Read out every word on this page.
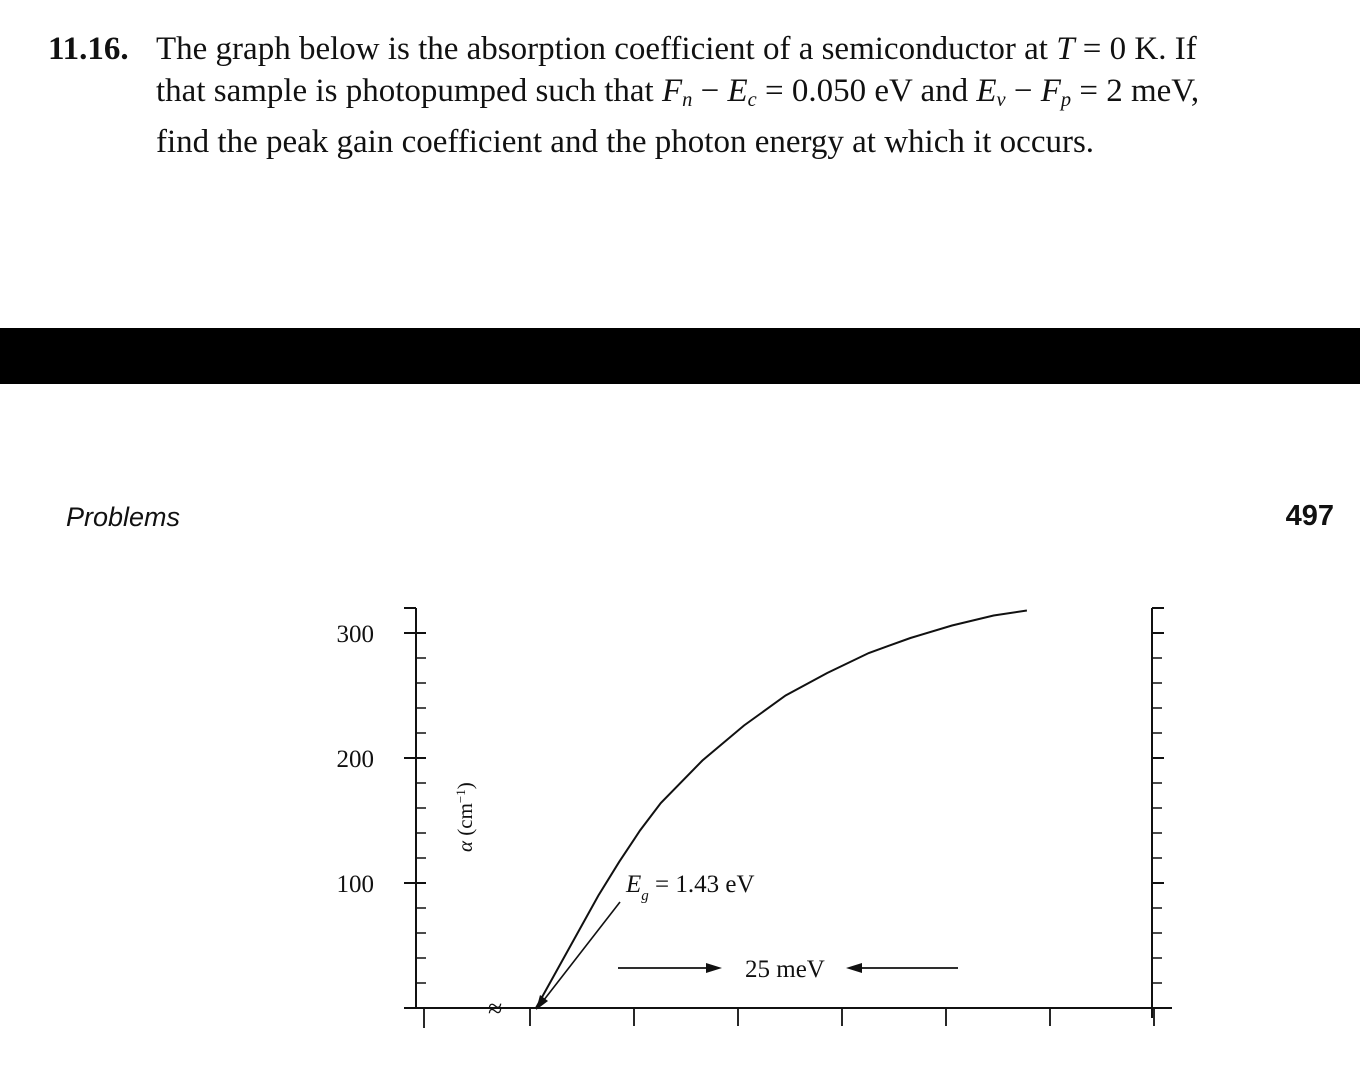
11.16. The graph below is the absorption coefficient of a semiconductor at T = 0 K. If
that sample is photopumped such that $F_n - E_c = 0.050$ eV and $E_v - F_p = 2$ meV,
find the peak gain coefficient and the photon energy at which it occurs.
Problems	497
100
200
300
α $(cm^{-1})$
$E_g = 1.43$ eV
25 meV
≈
